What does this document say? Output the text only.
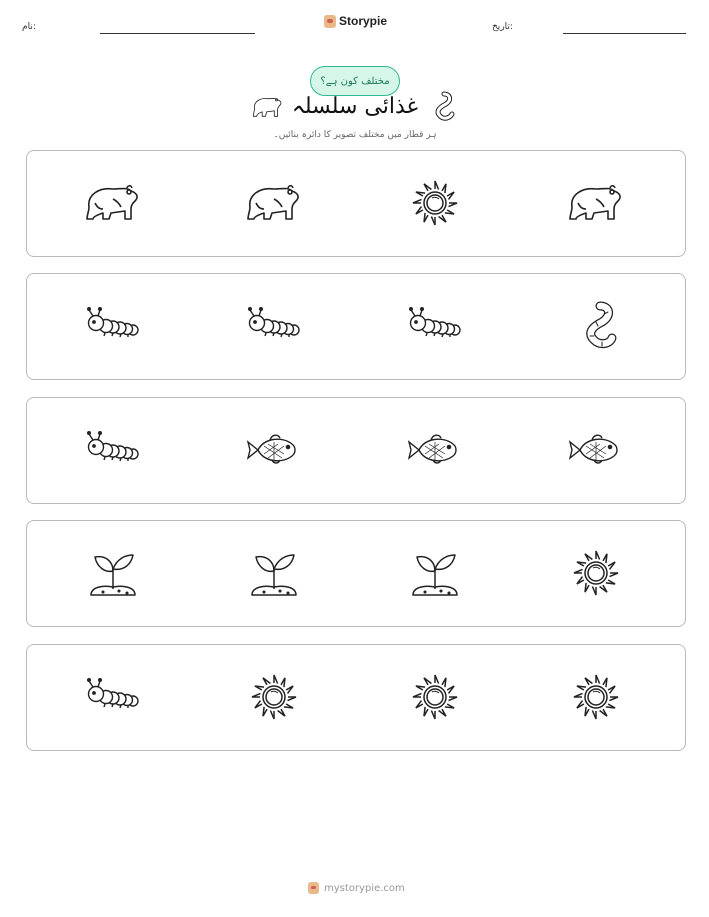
نام:	Storypie	تاریخ:
مختلف کون ہے؟
غذائی سلسلہ
ہر قطار میں مختلف تصویر کا دائرہ بنائیں۔
mystorypie.com
